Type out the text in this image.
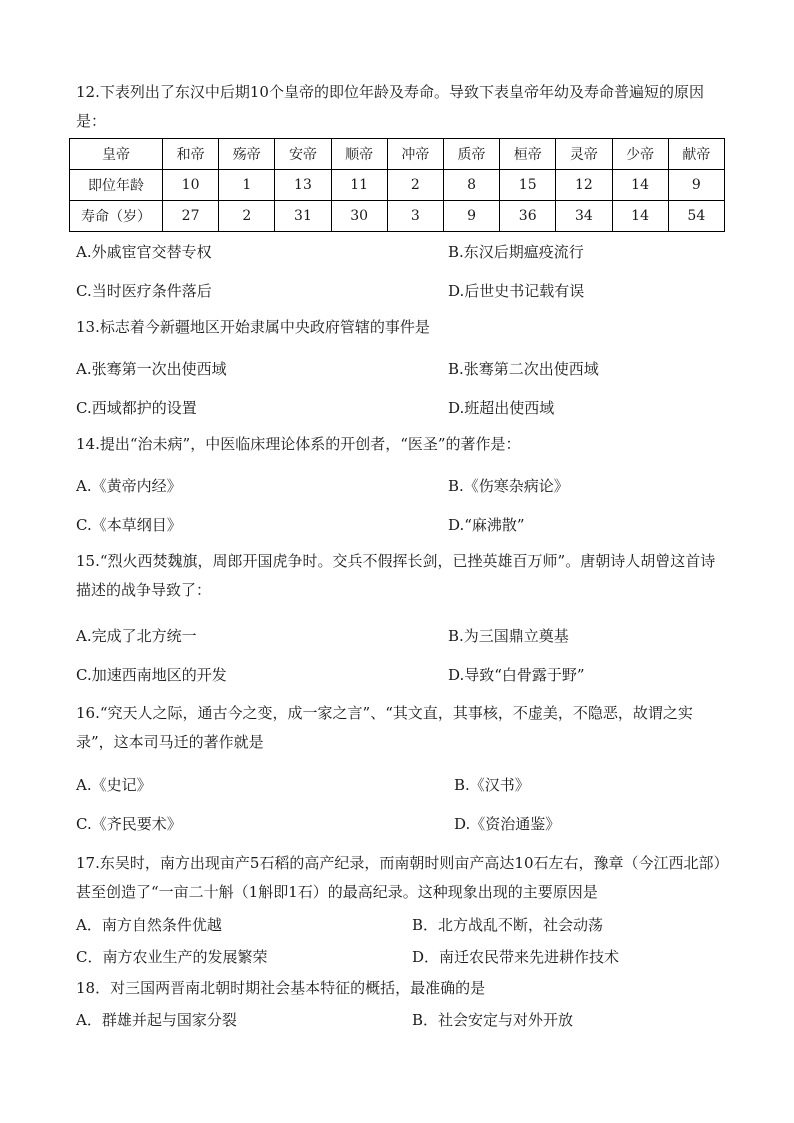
12.下表列出了东汉中后期10个皇帝的即位年龄及寿命。导致下表皇帝年幼及寿命普遍短的原因是：
皇帝	和帝	殇帝	安帝	顺帝	冲帝	质帝	桓帝	灵帝	少帝	献帝
即位年龄	10	1	13	11	2	8	15	12	14	9
寿命（岁）	27	2	31	30	3	9	36	34	14	54
A.外戚宦官交替专权	B.东汉后期瘟疫流行
C.当时医疗条件落后	D.后世史书记载有误
13.标志着今新疆地区开始隶属中央政府管辖的事件是
A.张骞第一次出使西域	B.张骞第二次出使西域
C.西域都护的设置	D.班超出使西域
14.提出“治未病”，中医临床理论体系的开创者，“医圣”的著作是：
A.《黄帝内经》	B.《伤寒杂病论》
C.《本草纲目》	D.“麻沸散”
15.“烈火西焚魏旗，周郎开国虎争时。交兵不假挥长剑，已挫英雄百万师”。唐朝诗人胡曾这首诗描述的战争导致了：
A.完成了北方统一	B.为三国鼎立奠基
C.加速西南地区的开发	D.导致“白骨露于野”
16.“究天人之际，通古今之变，成一家之言”、“其文直，其事核，不虚美，不隐恶，故谓之实录”，这本司马迁的著作就是
A.《史记》	B.《汉书》
C.《齐民要术》	D.《资治通鉴》
17.东吴时，南方出现亩产5石稻的高产纪录，而南朝时则亩产高达10石左右，豫章（今江西北部）甚至创造了“一亩二十斛（1斛即1石）的最高纪录。这种现象出现的主要原因是
A．南方自然条件优越	B．北方战乱不断，社会动荡
C．南方农业生产的发展繁荣	D．南迁农民带来先进耕作技术
18．对三国两晋南北朝时期社会基本特征的概括，最准确的是
A．群雄并起与国家分裂	B．社会安定与对外开放
